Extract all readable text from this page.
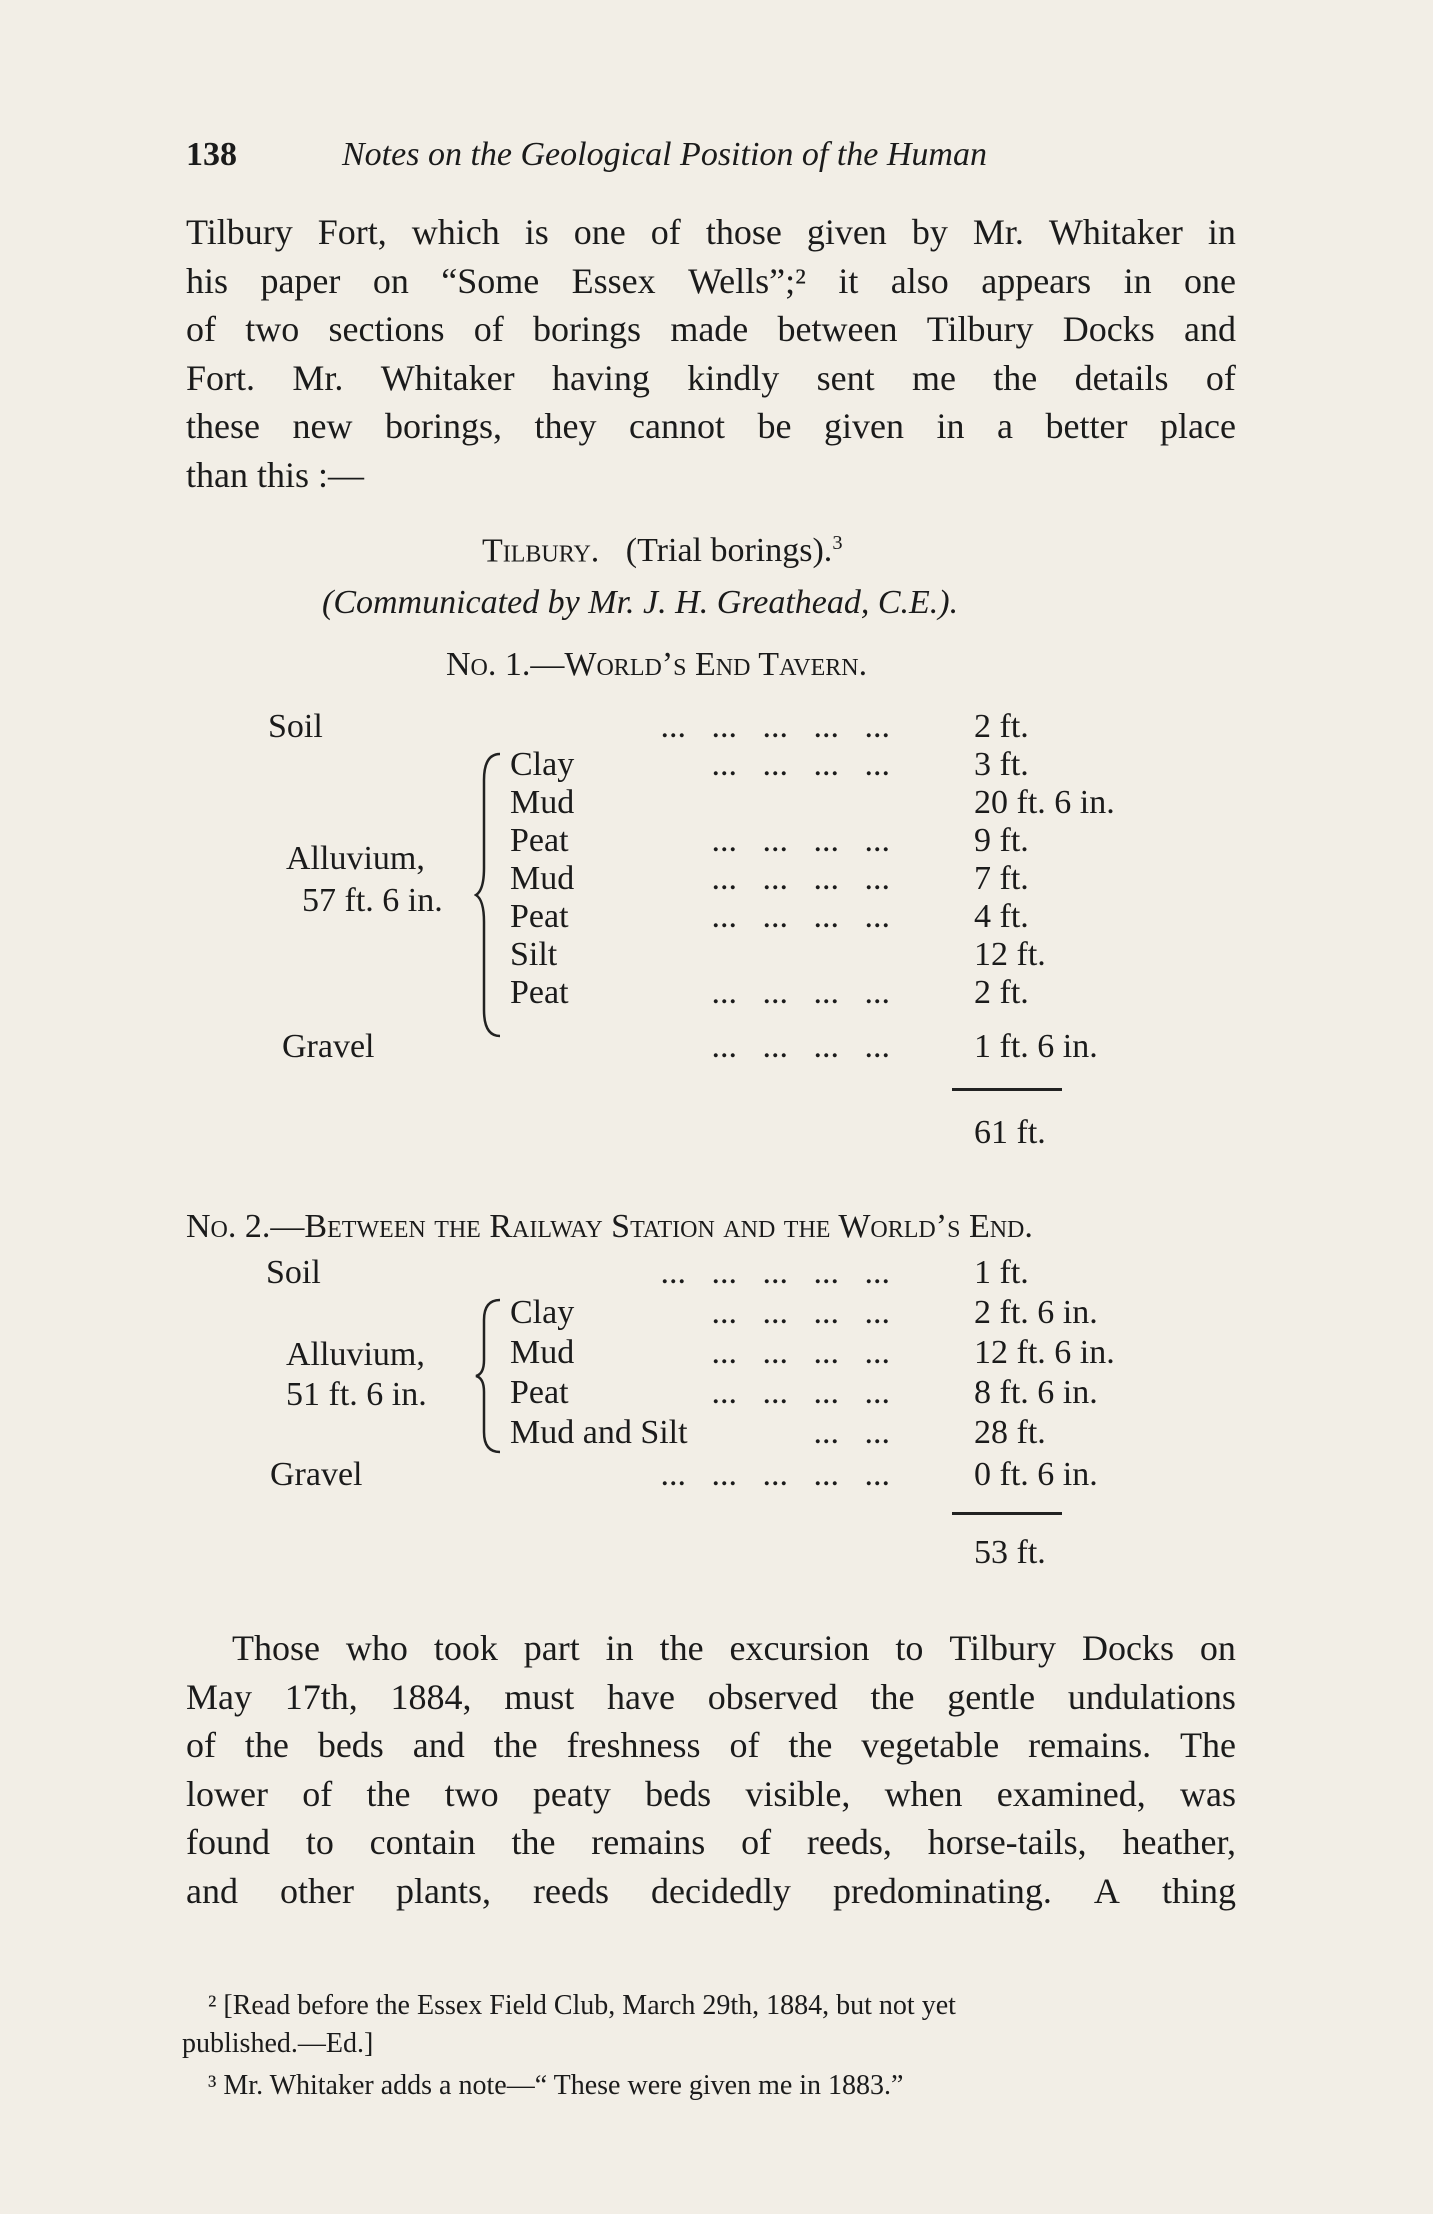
138	Notes on the Geological Position of the Human
Tilbury Fort, which is one of those given by Mr. Whitaker in
his paper on “Some Essex Wells”;² it also appears in one
of two sections of borings made between Tilbury Docks and
Fort. Mr. Whitaker having kindly sent me the details of
these new borings, they cannot be given in a better place
than this :—
Tilbury. (Trial borings).$^3$
(Communicated by Mr. J. H. Greathead, C.E.).
No. 1.—World’s End Tavern.
Soil	...   ...   ...   ...   ... 2 ft.
Clay	...   ...   ...   ... 3 ft.
Mud	20 ft. 6 in.
Peat	...   ...   ...   ... 9 ft.
Mud	...   ...   ...   ... 7 ft.
Peat	...   ...   ...   ... 4 ft.
Silt	12 ft.
Peat	...   ...   ...   ... 2 ft.
Gravel	...   ...   ...   ... 1 ft. 6 in.
Alluvium,
57 ft. 6 in.
61 ft.
No. 2.—Between the Railway Station and the World’s End.
Soil	...   ...   ...   ...   ... 1 ft.
Clay	...   ...   ...   ... 2 ft. 6 in.
Mud	...   ...   ...   ... 12 ft. 6 in.
Peat	...   ...   ...   ... 8 ft. 6 in.
Mud and Silt	...   ... 28 ft.
Gravel	...   ...   ...   ...   ... 0 ft. 6 in.
Alluvium,
51 ft. 6 in.
53 ft.
Those who took part in the excursion to Tilbury Docks on
May 17th, 1884, must have observed the gentle undulations
of the beds and the freshness of the vegetable remains. The
lower of the two peaty beds visible, when examined, was
found to contain the remains of reeds, horse-tails, heather,
and other plants, reeds decidedly predominating. A thing
² [Read before the Essex Field Club, March 29th, 1884, but not yet
published.—Ed.]
³ Mr. Whitaker adds a note—“ These were given me in 1883.”
